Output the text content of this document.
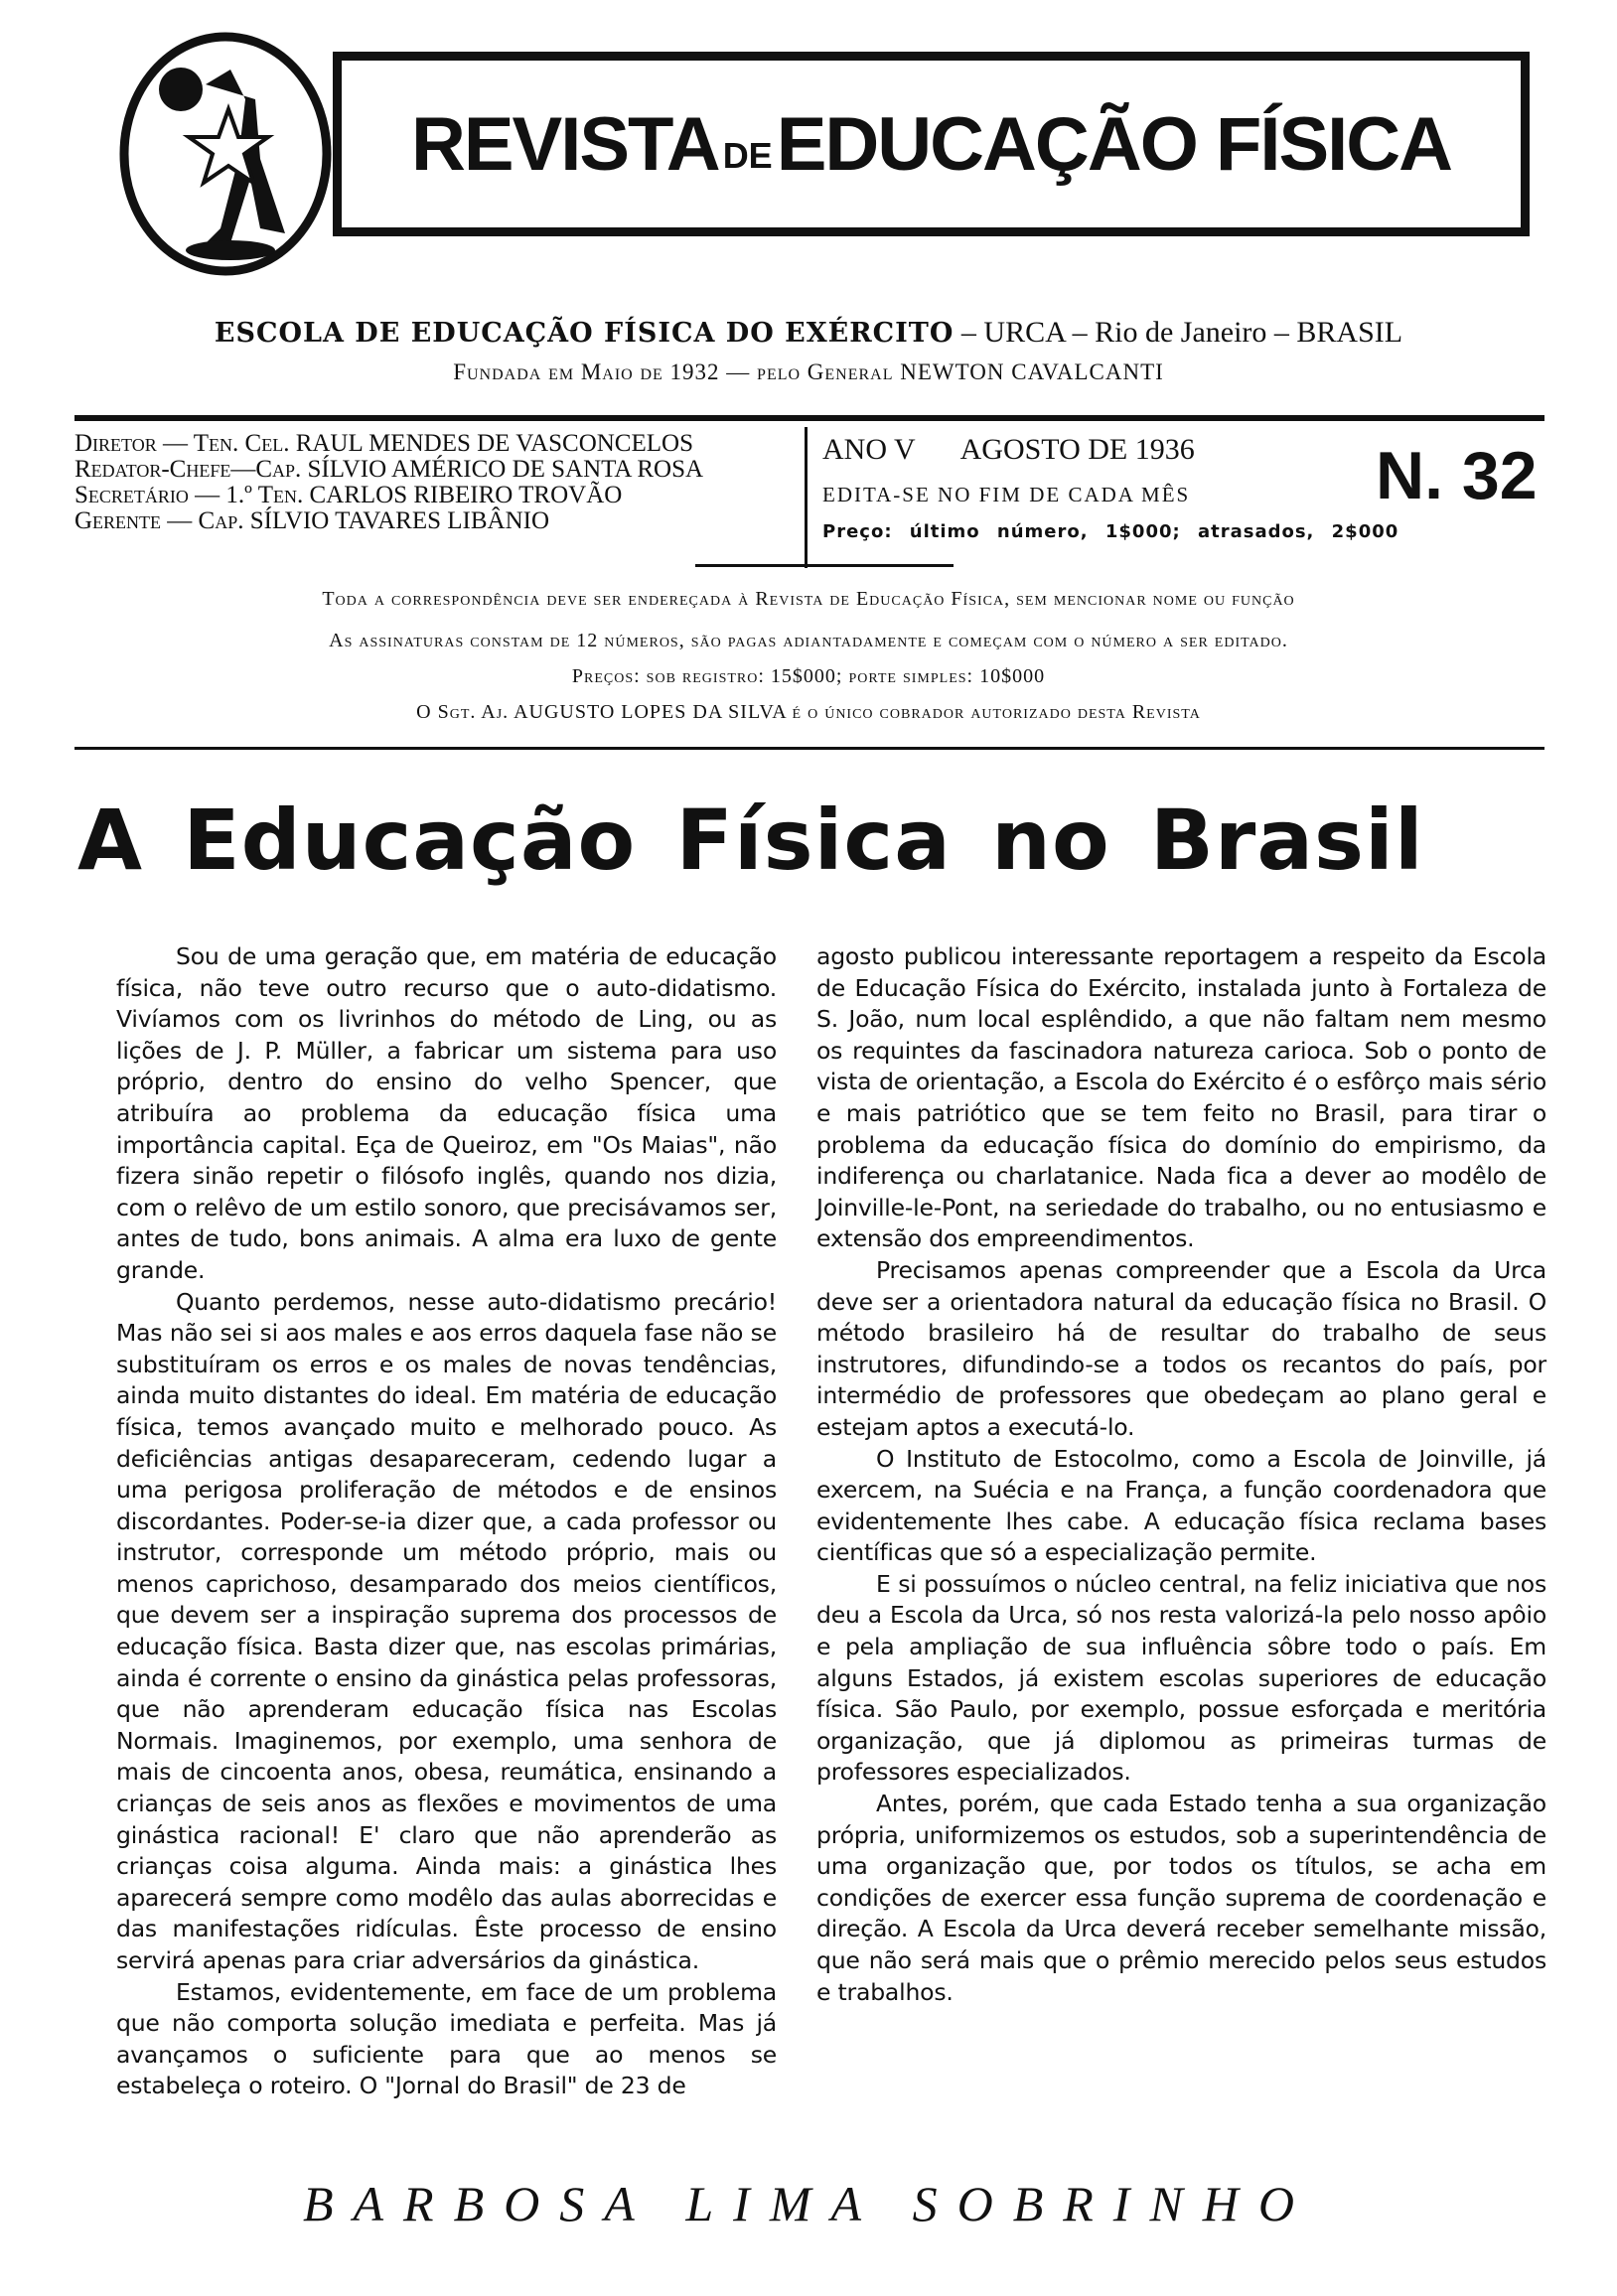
REVISTA DE EDUCAÇÃO FÍSICA
ESCOLA DE EDUCAÇÃO FÍSICA DO EXÉRCITO – URCA – Rio de Janeiro – BRASIL
Fundada em Maio de 1932 — pelo General NEWTON CAVALCANTI
Diretor — Ten. Cel. RAUL MENDES DE VASCONCELOS
Redator-Chefe—Cap. SÍLVIO AMÉRICO DE SANTA ROSA
Secretário — 1.º Ten. CARLOS RIBEIRO TROVÃO
Gerente — Cap. SÍLVIO TAVARES LIBÂNIO
ANO V AGOSTO DE 1936
EDITA-SE NO FIM DE CADA MÊS
Preço: último número, 1$000; atrasados, 2$000
N. 32
Toda a correspondência deve ser endereçada à Revista de Educação Física, sem mencionar nome ou função
As assinaturas constam de 12 números, são pagas adiantadamente e começam com o número a ser editado.
Preços: sob registro: 15$000; porte simples: 10$000
O Sgt. Aj. AUGUSTO LOPES DA SILVA é o único cobrador autorizado desta Revista
A Educação Física no Brasil

Sou de uma geração que, em matéria de educação física, não teve outro recurso que o auto-didatismo. Vivíamos com os livrinhos do método de Ling, ou as lições de J. P. Müller, a fabricar um sistema para uso próprio, dentro do ensino do velho Spencer, que atribuíra ao problema da educação física uma importância capital. Eça de Queiroz, em "Os Maias", não fizera sinão repetir o filósofo inglês, quando nos dizia, com o relêvo de um estilo sonoro, que precisávamos ser, antes de tudo, bons animais. A alma era luxo de gente grande.

Quanto perdemos, nesse auto-didatismo precário! Mas não sei si aos males e aos erros daquela fase não se substituíram os erros e os males de novas tendências, ainda muito distantes do ideal. Em matéria de educação física, temos avançado muito e melhorado pouco. As deficiências antigas desapareceram, cedendo lugar a uma perigosa proliferação de métodos e de ensinos discordantes. Poder-se-ia dizer que, a cada professor ou instrutor, corresponde um método próprio, mais ou menos caprichoso, desamparado dos meios científicos, que devem ser a inspiração suprema dos processos de educação física. Basta dizer que, nas escolas primárias, ainda é corrente o ensino da ginástica pelas professoras, que não aprenderam educação física nas Escolas Normais. Imaginemos, por exemplo, uma senhora de mais de cincoenta anos, obesa, reumática, ensinando a crianças de seis anos as flexões e movimentos de uma ginástica racional! E' claro que não aprenderão as crianças coisa alguma. Ainda mais: a ginástica lhes aparecerá sempre como modêlo das aulas aborrecidas e das manifestações ridículas. Êste processo de ensino servirá apenas para criar adversários da ginástica.

Estamos, evidentemente, em face de um problema que não comporta solução imediata e perfeita. Mas já avançamos o suficiente para que ao menos se estabeleça o roteiro. O "Jornal do Brasil" de 23 de

agosto publicou interessante reportagem a respeito da Escola de Educação Física do Exército, instalada junto à Fortaleza de S. João, num local esplêndido, a que não faltam nem mesmo os requintes da fascinadora natureza carioca. Sob o ponto de vista de orientação, a Escola do Exército é o esfôrço mais sério e mais patriótico que se tem feito no Brasil, para tirar o problema da educação física do domínio do empirismo, da indiferença ou charlatanice. Nada fica a dever ao modêlo de Joinville-le-Pont, na seriedade do trabalho, ou no entusiasmo e extensão dos empreendimentos.

Precisamos apenas compreender que a Escola da Urca deve ser a orientadora natural da educação física no Brasil. O método brasileiro há de resultar do trabalho de seus instrutores, difundindo-se a todos os recantos do país, por intermédio de professores que obedeçam ao plano geral e estejam aptos a executá-lo.

O Instituto de Estocolmo, como a Escola de Joinville, já exercem, na Suécia e na França, a função coordenadora que evidentemente lhes cabe. A educação física reclama bases científicas que só a especialização permite.

E si possuímos o núcleo central, na feliz iniciativa que nos deu a Escola da Urca, só nos resta valorizá-la pelo nosso apôio e pela ampliação de sua influência sôbre todo o país. Em alguns Estados, já existem escolas superiores de educação física. São Paulo, por exemplo, possue esforçada e meritória organização, que já diplomou as primeiras turmas de professores especializados.

Antes, porém, que cada Estado tenha a sua organização própria, uniformizemos os estudos, sob a superintendência de uma organização que, por todos os títulos, se acha em condições de exercer essa função suprema de coordenação e direção. A Escola da Urca deverá receber semelhante missão, que não será mais que o prêmio merecido pelos seus estudos e trabalhos.

BARBOSA LIMA SOBRINHO
